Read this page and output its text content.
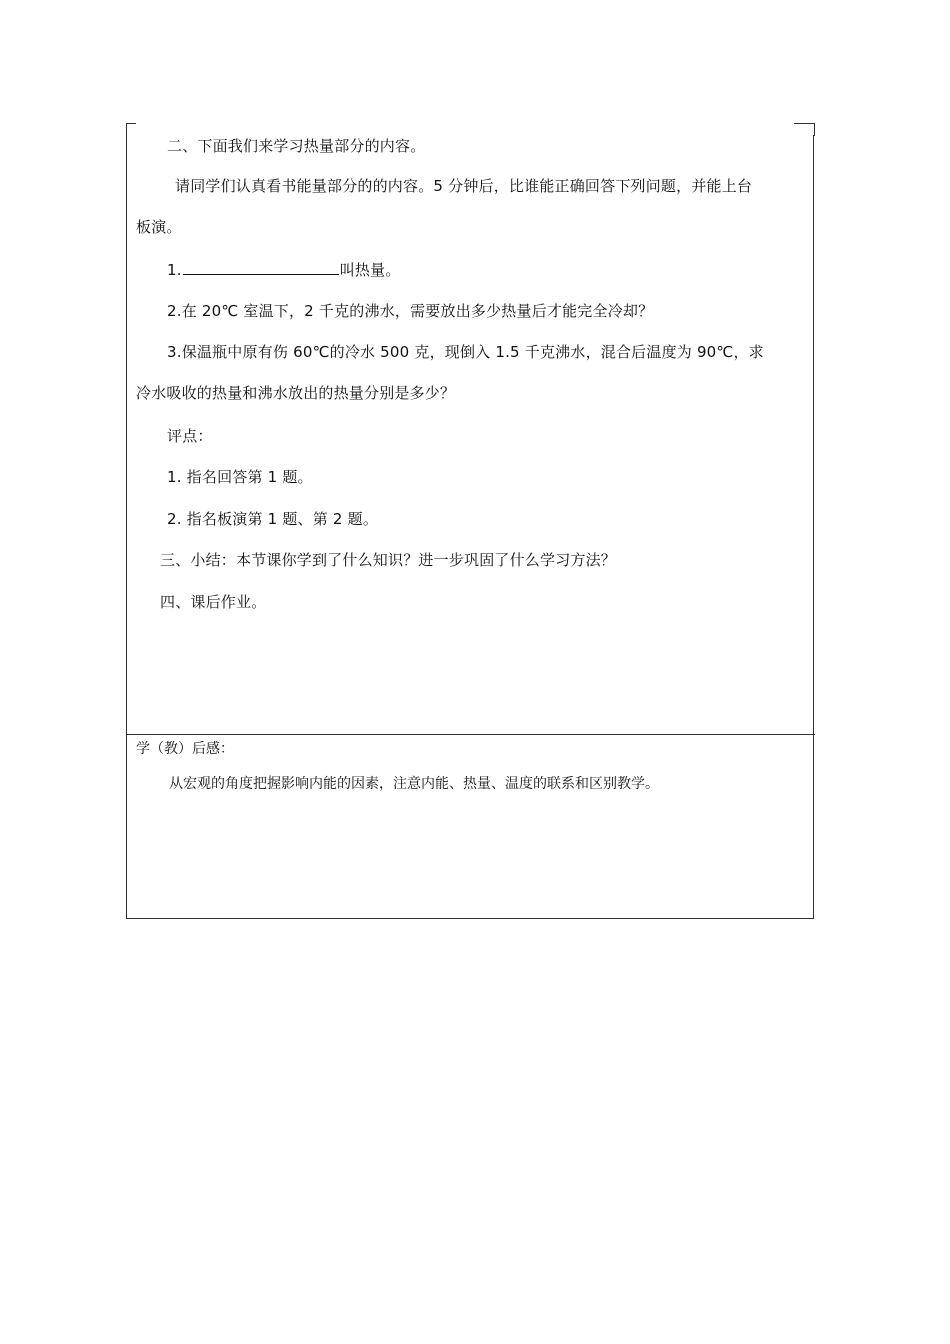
二、下面我们来学习热量部分的内容。
请同学们认真看书能量部分的的内容。5 分钟后，比谁能正确回答下列问题，并能上台
板演。
1.	叫热量。
2.在 20℃ 室温下，2 千克的沸水，需要放出多少热量后才能完全冷却？
3.保温瓶中原有伤 60℃的冷水 500 克，现倒入 1.5 千克沸水，混合后温度为 90℃，求
冷水吸收的热量和沸水放出的热量分别是多少？
评点：
1. 指名回答第 1 题。
2. 指名板演第 1 题、第 2 题。
三、小结：本节课你学到了什么知识？进一步巩固了什么学习方法？
四、课后作业。
学（教）后感：
从宏观的角度把握影响内能的因素，注意内能、热量、温度的联系和区别教学。
